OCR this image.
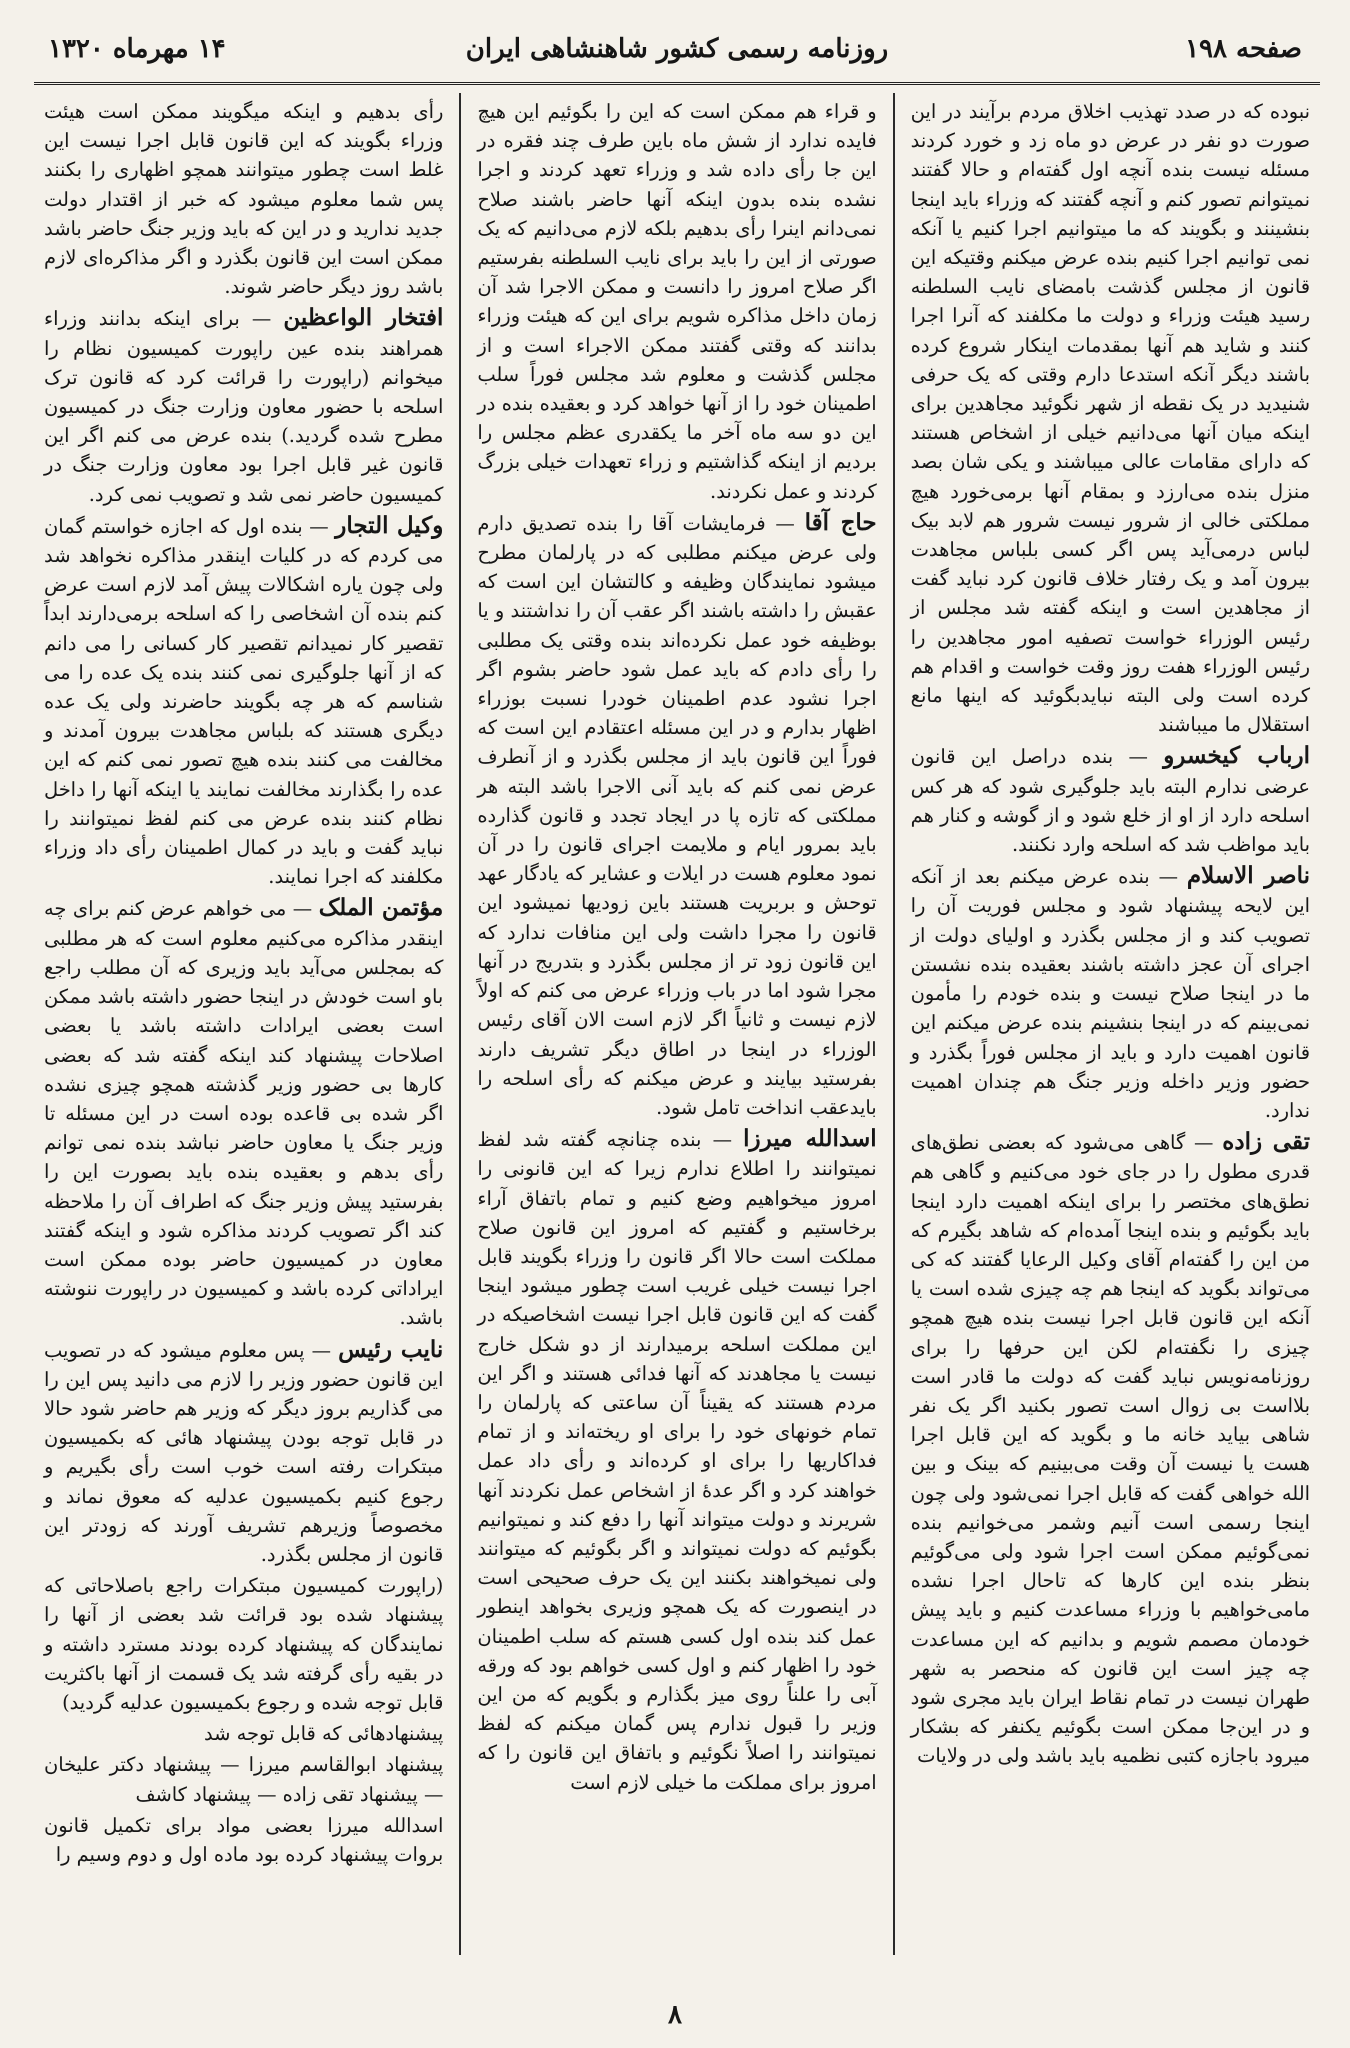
صفحه ۱۹۸
روزنامه رسمی کشور شاهنشاهی ایران
۱۴ مهرماه ۱۳۲۰

نبوده که در صدد تهذیب اخلاق مردم برآیند در این صورت دو نفر در عرض دو ماه زد و خورد کردند مسئله نیست بنده آنچه اول گفته‌ام و حالا گفتند نمیتوانم تصور کنم و آنچه گفتند که وزراء باید اینجا بنشینند و بگویند که ما میتوانیم اجرا کنیم یا آنکه نمی توانیم اجرا کنیم بنده عرض میکنم وقتیکه این قانون از مجلس گذشت بامضای نایب السلطنه رسید هیئت وزراء و دولت ما مکلفند که آنرا اجرا کنند و شاید هم آنها بمقدمات اینکار شروع کرده باشند دیگر آنکه استدعا دارم وقتی که یک حرفی شنیدید در یک نقطه از شهر نگوئید مجاهدین برای اینکه میان آنها می‌دانیم خیلی از اشخاص هستند که دارای مقامات عالی میباشند و یکی شان بصد منزل بنده می‌ارزد و بمقام آنها برمی‌خورد هیچ مملکتی خالی از شرور نیست شرور هم لابد بیک لباس درمی‌آید پس اگر کسی بلباس مجاهدت بیرون آمد و یک رفتار خلاف قانون کرد نباید گفت از مجاهدین است و اینکه گفته شد مجلس از رئیس الوزراء خواست تصفیه امور مجاهدین را رئیس الوزراء هفت روز وقت خواست و اقدام هم کرده است ولی البته نبایدبگوئید که اینها مانع استقلال ما میباشند

ارباب کیخسرو — بنده دراصل این قانون عرضی ندارم البته باید جلوگیری شود که هر کس اسلحه دارد از او از خلع شود و از گوشه و کنار هم باید مواظب شد که اسلحه وارد نکنند.

ناصر الاسلام — بنده عرض میکنم بعد از آنکه این لایحه پیشنهاد شود و مجلس فوریت آن را تصویب کند و از مجلس بگذرد و اولیای دولت از اجرای آن عجز داشته باشند بعقیده بنده نشستن ما در اینجا صلاح نیست و بنده خودم را مأمون نمی‌بینم که در اینجا بنشینم بنده عرض میکنم این قانون اهمیت دارد و باید از مجلس فوراً بگذرد و حضور وزیر داخله وزیر جنگ هم چندان اهمیت ندارد.

تقی زاده — گاهی می‌شود که بعضی نطق‌های قدری مطول را در جای خود می‌کنیم و گاهی هم نطق‌های مختصر را برای اینکه اهمیت دارد اینجا باید بگوئیم و بنده اینجا آمده‌ام که شاهد بگیرم که من این را گفته‌ام آقای وکیل الرعایا گفتند که کی می‌تواند بگوید که اینجا هم چه چیزی شده است یا آنکه این قانون قابل اجرا نیست بنده هیچ همچو چیزی را نگفته‌ام لکن این حرفها را برای روزنامه‌نویس نباید گفت که دولت ما قادر است بلااست بی زوال است تصور بکنید اگر یک نفر شاهی بیاید خانه ما و بگوید که این قابل اجرا هست یا نیست آن وقت می‌بینیم که بینک و بین الله خواهی گفت که قابل اجرا نمی‌شود ولی چون اینجا رسمی است آنیم وشمر می‌خوانیم بنده نمی‌گوئیم ممکن است اجرا شود ولی می‌گوئیم بنظر بنده این کارها که تاحال اجرا نشده مامی‌خواهیم با وزراء مساعدت کنیم و باید پیش خودمان مصمم شویم و بدانیم که این مساعدت چه چیز است این قانون که منحصر به شهر طهران نیست در تمام نقاط ایران باید مجری شود و در این‌جا ممکن است بگوئیم یکنفر که بشکار میرود باجازه کتبی نظمیه باید باشد ولی در ولایات

و قراء هم ممکن است که این را بگوئیم این هیچ فایده ندارد از شش ماه باین طرف چند فقره در این جا رأی داده شد و وزراء تعهد کردند و اجرا نشده بنده بدون اینکه آنها حاضر باشند صلاح نمی‌دانم اینرا رأی بدهیم بلکه لازم می‌دانیم که یک صورتی از این را باید برای نایب السلطنه بفرستیم اگر صلاح امروز را دانست و ممکن الاجرا شد آن زمان داخل مذاکره شویم برای این که هیئت وزراء بدانند که وقتی گفتند ممکن الاجراء است و از مجلس گذشت و معلوم شد مجلس فوراً سلب اطمینان خود را از آنها خواهد کرد و بعقیده بنده در این دو سه ماه آخر ما یکقدری عظم مجلس را بردیم از اینکه گذاشتیم و زراء تعهدات خیلی بزرگ کردند و عمل نکردند.

حاج آقا — فرمایشات آقا را بنده تصدیق دارم ولی عرض میکنم مطلبی که در پارلمان مطرح میشود نمایندگان وظیفه و کالتشان این است که عقبش را داشته باشند اگر عقب آن را نداشتند و یا بوظیفه خود عمل نکرده‌اند بنده وقتی یک مطلبی را رأی دادم که باید عمل شود حاضر بشوم اگر اجرا نشود عدم اطمینان خودرا نسبت بوزراء اظهار بدارم و در این مسئله اعتقادم این است که فوراً این قانون باید از مجلس بگذرد و از آنطرف عرض نمی کنم که باید آنی الاجرا باشد البته هر مملکتی که تازه پا در ایجاد تجدد و قانون گذارده باید بمرور ایام و ملایمت اجرای قانون را در آن نمود معلوم هست در ایلات و عشایر که یادگار عهد توحش و بربریت هستند باین زودیها نمیشود این قانون را مجرا داشت ولی این منافات ندارد که این قانون زود تر از مجلس بگذرد و بتدریج در آنها مجرا شود اما در باب وزراء عرض می کنم که اولاً لازم نیست و ثانیاً اگر لازم است الان آقای رئیس الوزراء در اینجا در اطاق دیگر تشریف دارند بفرستید بیایند و عرض میکنم که رأی اسلحه را بایدعقب‌ انداخت تامل شود.

اسدالله میرزا — بنده چنانچه گفته شد لفظ نمیتوانند را اطلاع ندارم زیرا که این قانونی را امروز میخواهیم وضع کنیم و تمام باتفاق آراء برخاستیم و گفتیم که امروز این قانون صلاح مملکت است حالا اگر قانون را وزراء بگویند قابل اجرا نیست خیلی غریب است چطور میشود اینجا گفت که این قانون قابل اجرا نیست اشخاصیکه در این مملکت اسلحه برمیدارند از دو شکل خارج نیست یا مجاهدند که آنها فدائی هستند و اگر این مردم هستند که یقیناً آن ساعتی که پارلمان را تمام خونهای خود را برای او ریخته‌اند و از تمام فداکاریها را برای او کرده‌اند و رأی داد عمل خواهند کرد و اگر عدهٔ از اشخاص عمل نکردند آنها شریرند و دولت میتواند آنها را دفع کند و نمیتوانیم بگوئیم که دولت نمیتواند و اگر بگوئیم که میتوانند ولی نمیخواهند بکنند این یک حرف صحیحی است در اینصورت که یک همچو وزیری بخواهد اینطور عمل کند بنده اول کسی هستم که سلب اطمینان خود را اظهار کنم و اول کسی خواهم بود که ورقه آبی را علناً روی میز بگذارم و بگویم که من این وزیر را قبول ندارم پس گمان میکنم که لفظ نمیتوانند را اصلاً نگوئیم و باتفاق این قانون را که امروز برای مملکت ما خیلی لازم است

رأی بدهیم و اینکه میگویند ممکن است هیئت وزراء بگویند که این قانون قابل اجرا نیست این غلط است چطور میتوانند همچو اظهاری را بکنند پس شما معلوم میشود که خبر از اقتدار دولت جدید ندارید و در این که باید وزیر جنگ حاضر باشد ممکن است این قانون بگذرد و اگر مذاکره‌ای لازم باشد روز دیگر حاضر شوند.

افتخار الواعظین — برای اینکه بدانند وزراء همراهند بنده عین راپورت کمیسیون نظام را میخوانم (راپورت را قرائت کرد که قانون ترک اسلحه با حضور معاون وزارت جنگ در کمیسیون مطرح شده گردید.) بنده عرض می کنم اگر این قانون غیر قابل اجرا بود معاون وزارت جنگ در کمیسیون حاضر نمی شد و تصویب نمی کرد.

وکیل التجار — بنده اول که اجازه خواستم گمان می کردم که در کلیات اینقدر مذاکره نخواهد شد ولی چون یاره اشکالات پیش آمد لازم است عرض کنم بنده آن اشخاصی را که اسلحه برمی‌دارند ابداً تقصیر کار نمیدانم تقصیر کار کسانی را می دانم که از آنها جلوگیری نمی کنند بنده یک عده را می شناسم که هر چه بگویند حاضرند ولی یک عده دیگری هستند که بلباس مجاهدت بیرون آمدند و مخالفت می کنند بنده هیچ تصور نمی کنم که این عده را بگذارند مخالفت نمایند یا اینکه آنها را داخل نظام کنند بنده عرض می کنم لفظ نمیتوانند را نباید گفت و باید در کمال اطمینان رأی داد وزراء مکلفند که اجرا نمایند.

مؤتمن الملک — می خواهم عرض کنم برای چه اینقدر مذاکره می‌کنیم معلوم است که هر مطلبی که بمجلس می‌آید باید وزیری که آن مطلب راجع باو است خودش در اینجا حضور داشته باشد ممکن است بعضی ایرادات داشته باشد یا بعضی اصلاحات پیشنهاد کند اینکه گفته شد که بعضی کارها بی حضور وزیر گذشته همچو چیزی نشده اگر شده بی قاعده بوده است در این مسئله تا وزیر جنگ یا معاون حاضر نباشد بنده نمی توانم رأی بدهم و بعقیده بنده باید بصورت این را بفرستید پیش وزیر جنگ که اطراف آن را ملاحظه کند اگر تصویب کردند مذاکره شود و اینکه گفتند معاون در کمیسیون حاضر بوده ممکن است ایراداتی کرده باشد و کمیسیون در راپورت ننوشته باشد.

نایب رئیس — پس معلوم میشود که در تصویب این قانون حضور وزیر را لازم می دانید پس این را می گذاریم بروز دیگر که وزیر هم حاضر شود حالا در قابل توجه بودن پیشنهاد هائی که بکمیسیون مبتکرات رفته است خوب است رأی بگیریم و رجوع کنیم بکمیسیون عدلیه که معوق نماند و مخصوصاً وزیرهم تشریف آورند که زودتر این قانون از مجلس بگذرد.

(راپورت کمیسیون مبتکرات راجع باصلاحاتی که پیشنهاد شده بود قرائت شد بعضی از آنها را نمایندگان که پیشنهاد کرده بودند مسترد داشته و در بقیه رأی گرفته شد یک قسمت از آنها باکثریت قابل توجه شده و رجوع بکمیسیون عدلیه گردید)

پیشنهادهائی که قابل توجه شد

پیشنهاد ابوالقاسم میرزا — پیشنهاد دکتر علیخان — پیشنهاد تقی زاده — پیشنهاد کاشف

اسدالله میرزا بعضی مواد برای تکمیل قانون بروات پیشنهاد کرده بود ماده اول و دوم وسیم را

۸
